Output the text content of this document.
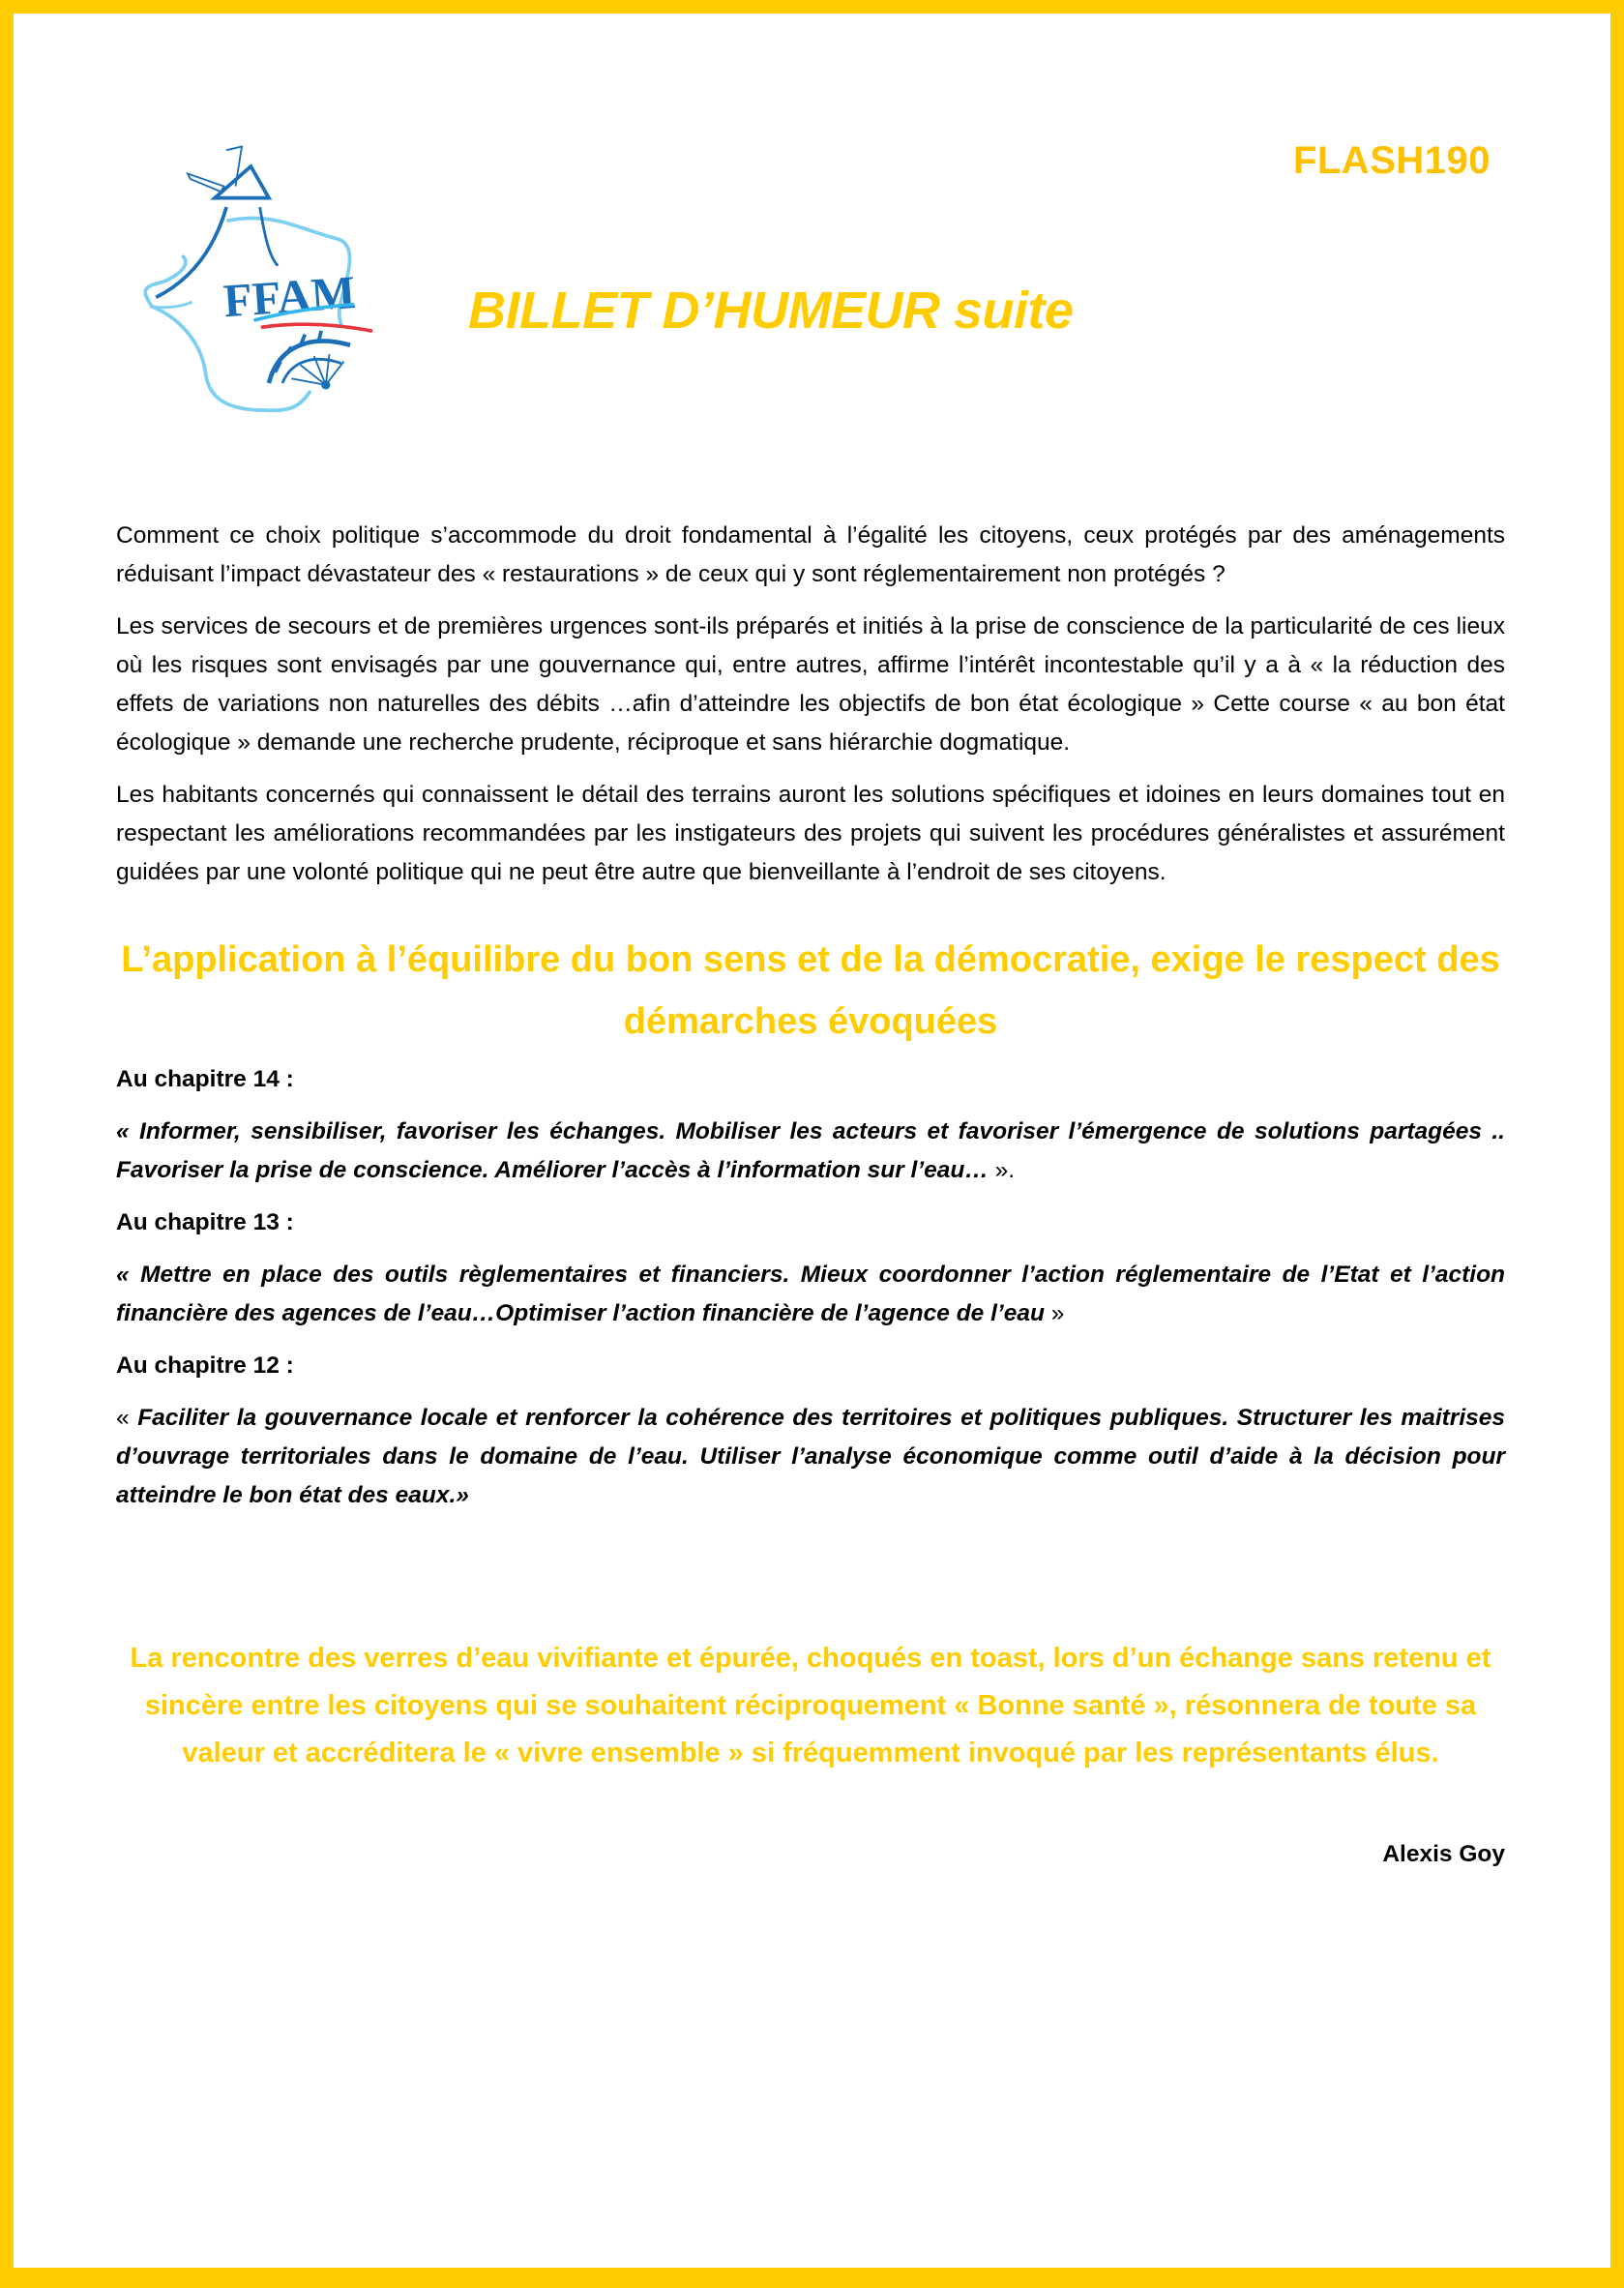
FFAM
FLASH190
BILLET D’HUMEUR suite

Comment ce choix politique s’accommode du droit fondamental à l’égalité les citoyens, ceux protégés par des aménagements réduisant l’impact dévastateur des « restaurations » de ceux qui y sont réglementairement non protégés ?

Les services de secours et de premières urgences sont-ils préparés et initiés à la prise de conscience de la particularité de ces lieux où les risques sont envisagés par une gouvernance qui, entre autres, affirme l’intérêt incontestable qu’il y a à « la réduction des effets de variations non naturelles des débits …afin d’atteindre les objectifs de bon état écologique » Cette course « au bon état écologique » demande une recherche prudente, réciproque et sans hiérarchie dogmatique.

Les habitants concernés qui connaissent le détail des terrains auront les solutions spécifiques et idoines en leurs domaines tout en respectant les améliorations recommandées par les instigateurs des projets qui suivent les procédures généralistes et assurément guidées par une volonté politique qui ne peut être autre que bienveillante à l’endroit de ses citoyens.

L’application à l’équilibre du bon sens et de la démocratie, exige le respect des démarches évoquées

Au chapitre 14 :

« Informer, sensibiliser, favoriser les échanges. Mobiliser les acteurs et favoriser l’émergence de solutions partagées .. Favoriser la prise de conscience. Améliorer l’accès à l’information sur l’eau… ».

Au chapitre 13 :

« Mettre en place des outils règlementaires et financiers. Mieux coordonner l’action réglementaire de l’Etat et l’action financière des agences de l’eau…Optimiser l’action financière de l’agence de l’eau »

Au chapitre 12 :

« Faciliter la gouvernance locale et renforcer la cohérence des territoires et politiques publiques. Structurer les maitrises d’ouvrage territoriales dans le domaine de l’eau. Utiliser l’analyse économique comme outil d’aide à la décision pour atteindre le bon état des eaux.»

La rencontre des verres d’eau vivifiante et épurée, choqués en toast, lors d’un échange sans retenu et sincère entre les citoyens qui se souhaitent réciproquement « Bonne santé », résonnera de toute sa valeur et accréditera le « vivre ensemble » si fréquemment invoqué par les représentants élus.

Alexis Goy
